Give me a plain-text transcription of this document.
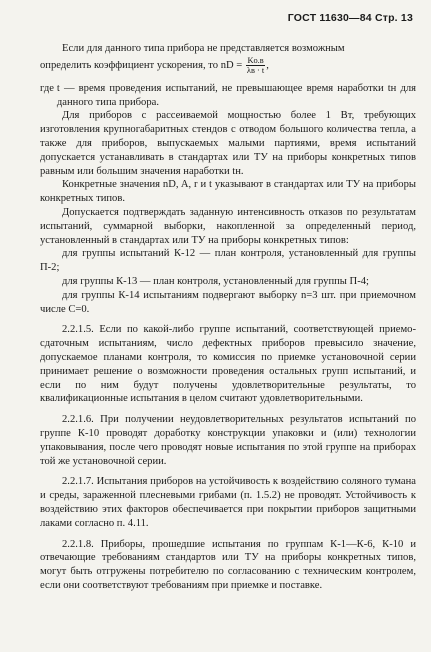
ГОСТ 11630—84 Стр. 13

Если для данного типа прибора не представляется возможным

определить коэффициент ускорения, то nD = $\frac{Kо.в}{\lambda в \cdot t}$ ,

где t — время проведения испытаний, не превышающее время наработки tн для данного типа прибора.

Для приборов с рассеиваемой мощностью более 1 Вт, требующих изготовления крупногабаритных стендов с отводом большого количества тепла, а также для приборов, выпускаемых малыми партиями, время испытаний допускается устанавливать в стандартах или ТУ на приборы конкретных типов равным или большим значения наработки tн.

Конкретные значения nD, A, r и t указывают в стандартах или ТУ на приборы конкретных типов.

Допускается подтверждать заданную интенсивность отказов по результатам испытаний, суммарной выборки, накопленной за определенный период, установленный в стандартах или ТУ на приборы конкретных типов:

для группы испытаний К-12 — план контроля, установленный для группы П-2;

для группы К-13 — план контроля, установленный для группы П-4;

для группы К-14 испытаниям подвергают выборку n=3 шт. при приемочном числе C=0.

2.2.1.5. Если по какой-либо группе испытаний, соответствующей приемо-сдаточным испытаниям, число дефектных приборов превысило значение, допускаемое планами контроля, то комиссия по приемке установочной серии принимает решение о возможности проведения остальных групп испытаний, и если по ним будут получены удовлетворительные результаты, то квалификационные испытания в целом считают удовлетворительными.

2.2.1.6. При получении неудовлетворительных результатов испытаний по группе К-10 проводят доработку конструкции упаковки и (или) технологии упаковывания, после чего проводят новые испытания по этой группе на приборах той же установочной серии.

2.2.1.7. Испытания приборов на устойчивость к воздействию соляного тумана и среды, зараженной плесневыми грибами (п. 1.5.2) не проводят. Устойчивость к воздействию этих факторов обеспечивается при покрытии приборов защитными лаками согласно п. 4.11.

2.2.1.8. Приборы, прошедшие испытания по группам К-1—К-6, К-10 и отвечающие требованиям стандартов или ТУ на приборы конкретных типов, могут быть отгружены потребителю по согласованию с техническим контролем, если они соответствуют требованиям при приемке и поставке.
